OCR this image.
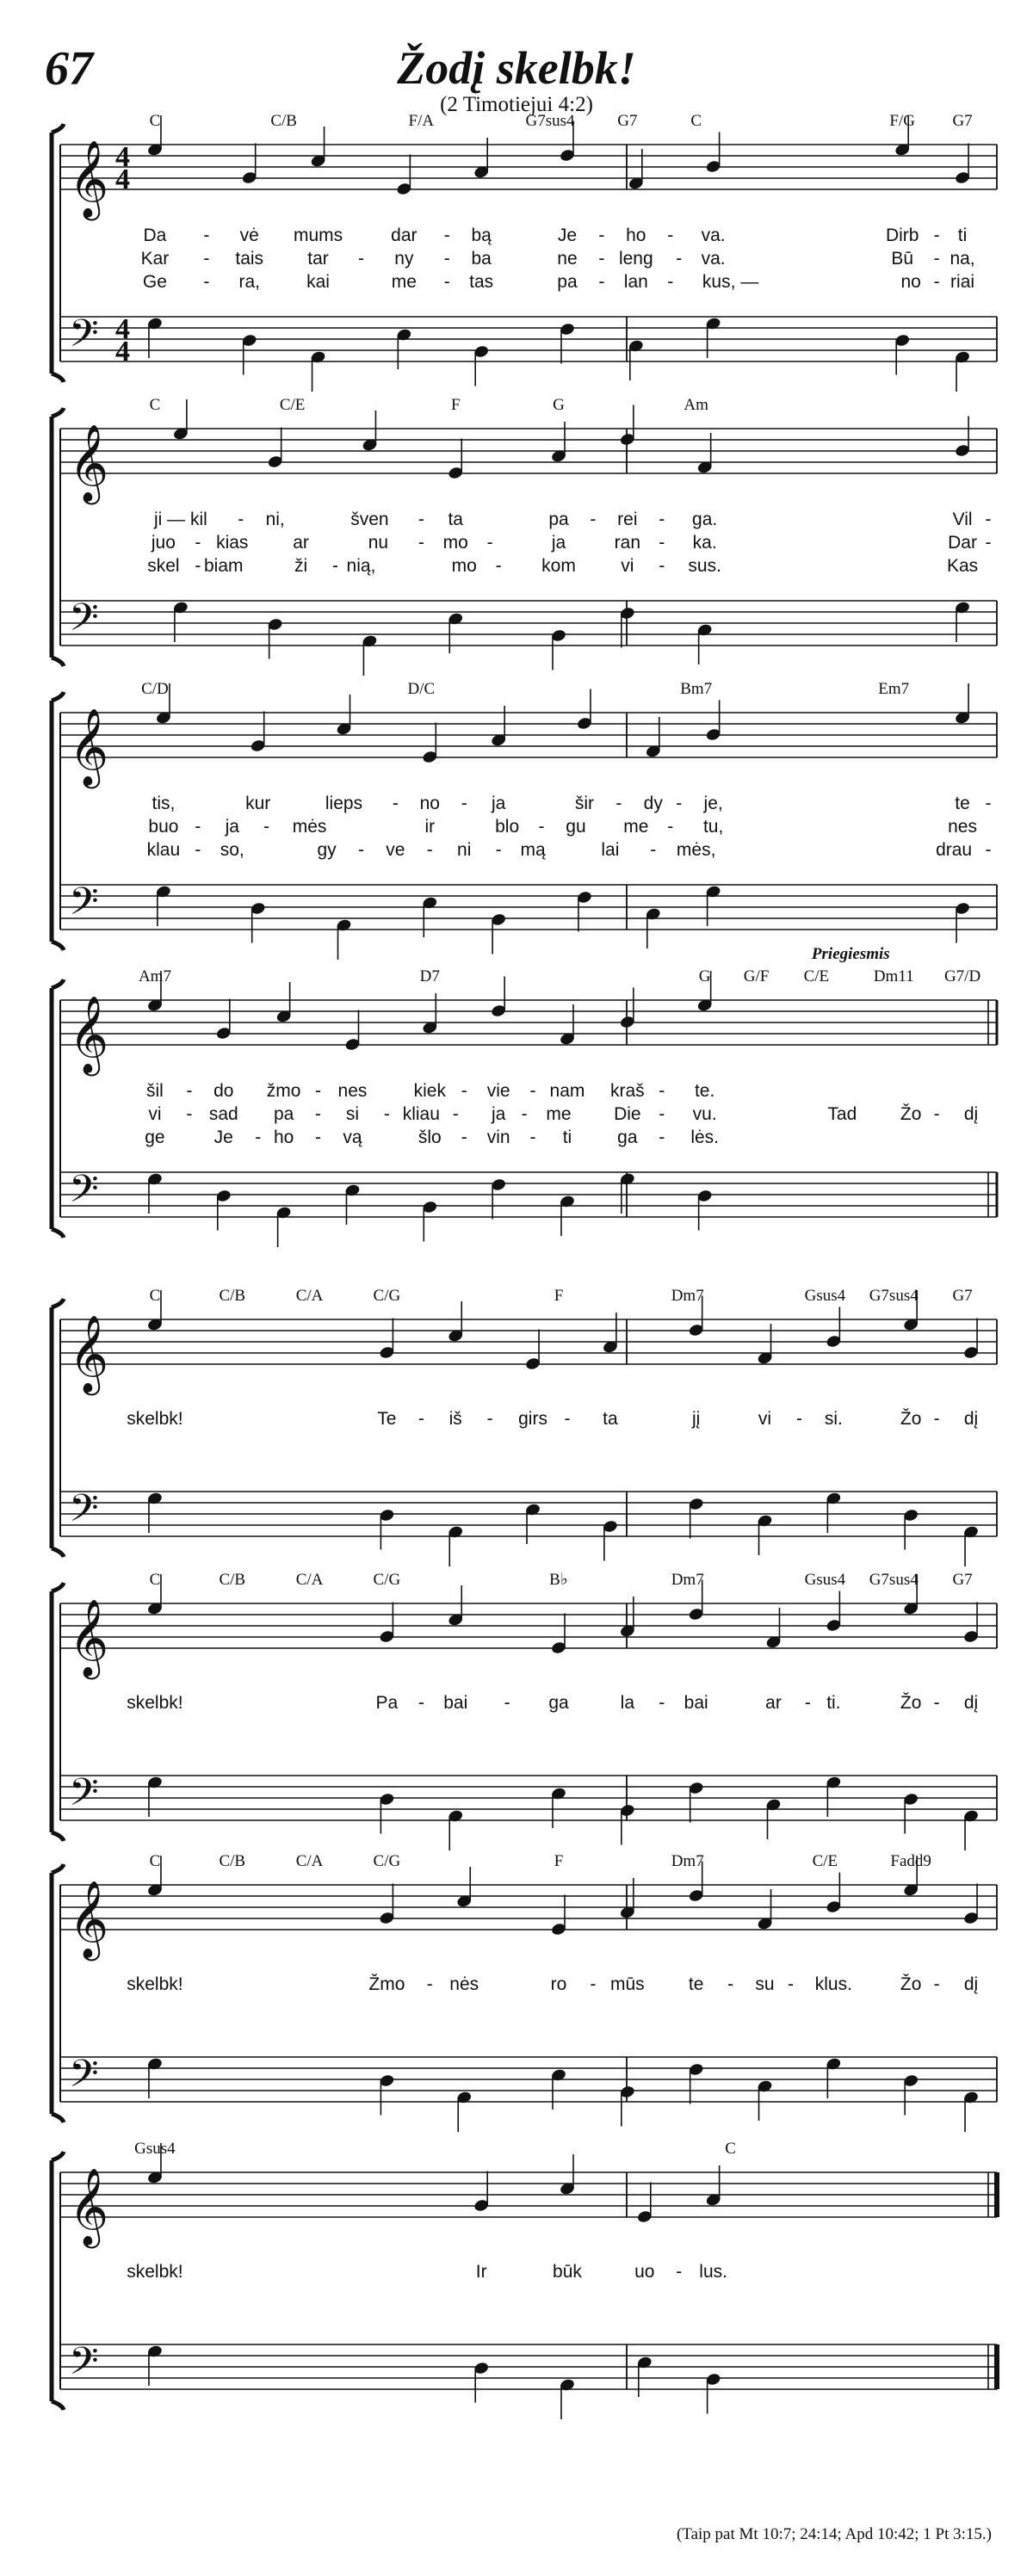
67	Žodį skelbk!
(2 Timotiejui 4:2)
𝄞
𝄢
4
4
4
4
C	C/B	F/A	G7sus4	G7	C	F/G G7
Da - vė mums	dar - bą	Je - ho - va.	Dirb - ti
Kar - tais tar - ny - ba	ne - leng - va.	Bū - na,
Ge - ra,	kai	me - tas	pa - lan - kus, —	no - riai
𝄞
𝄢
C	C/E	F	G	Am
ji — kil - ni,	šven - ta	pa - rei - ga.	Vil -
juo - kias ar	nu - mo -	ja	ran - ka.	Dar -
skel - biam	ži - nią,	mo - kom vi - sus.	Kas
𝄞
𝄢
C/D	D/C	Bm7	Em7
tis,	kur	lieps - no - ja	šir - dy - je,	te -
buo - ja - mės	ir	blo - gu me - tu,	nes
klau - so,	gy - ve - ni - mą	lai - mės,	drau -
𝄞
𝄢
Am7	D7	G G/F C/E	Dm11 G7/D
Priegiesmis
šil - do žmo - nes	kiek - vie - nam kraš - te.
vi - sad pa - si - kliau - ja - me Die - vu.	Tad Žo - dį
ge	Je - ho - vą	šlo - vin - ti	ga - lės.
𝄞
𝄢
C	C/B	C/A	C/G	F	Dm7	Gsus4 G7sus4 G7
skelbk!	Te - iš - girs - ta	jį	vi - si.	Žo - dį
𝄞
𝄢
C	C/B	C/A	C/G	B♭	Dm7	Gsus4 G7sus4 G7
skelbk!	Pa - bai - ga	la - bai	ar - ti.	Žo - dį
𝄞
𝄢
C	C/B	C/A	C/G	F	Dm7	C/E	Fadd9
skelbk!	Žmo - nės	ro - mūs te - su - klus.	Žo - dį
𝄞
𝄢
Gsus4	C
skelbk!	Ir	būk	uo - lus.
(Taip pat Mt 10:7; 24:14; Apd 10:42; 1 Pt 3:15.)
